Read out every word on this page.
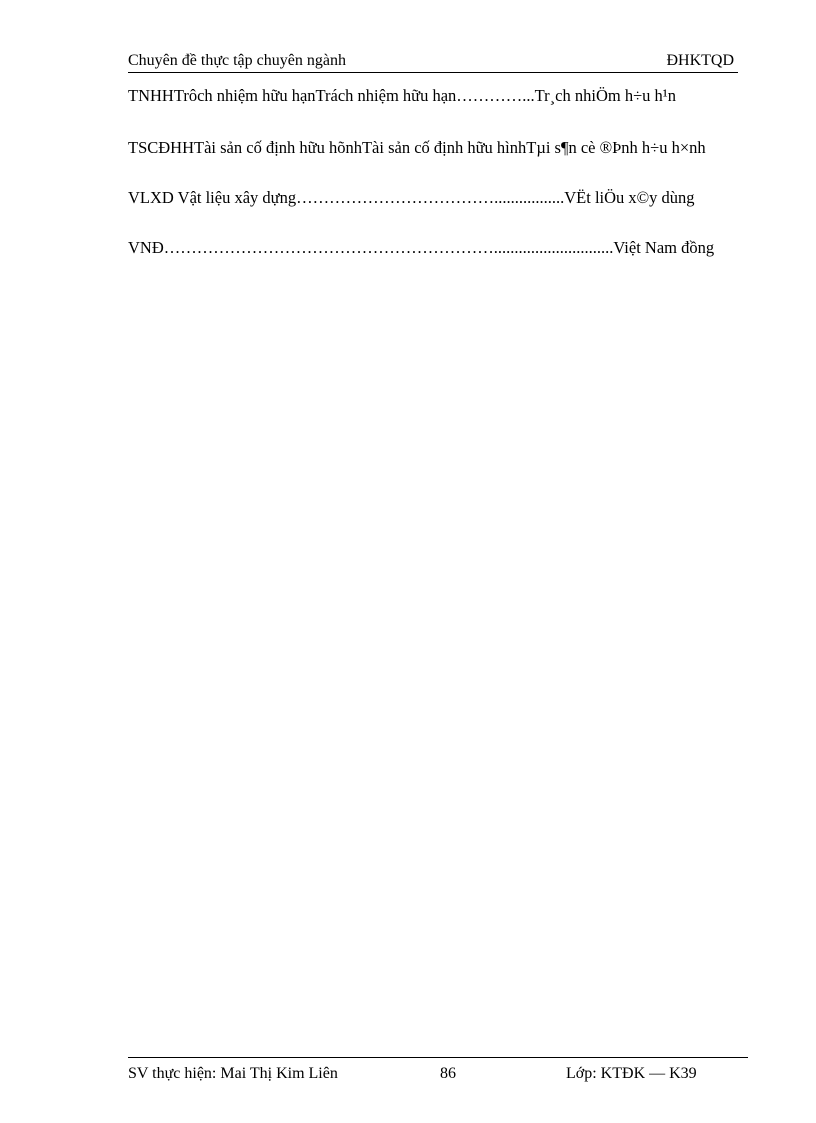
Chuyên đề thực tập chuyên ngành	ĐHKTQD
TNHHTrôch nhiệm hữu hạnTrách nhiệm hữu hạn…………...Tr¸ch nhiÖm h÷u h¹n
TSCĐHHTài sản cố định hữu hõnhTài sản cố định hữu hìnhTµi s¶n cè ®Þnh h÷u h×nh
VLXD Vật liệu xây dựng……………………………….................VËt liÖu x©y dùng
VNĐ…………………………………………………….............................Việt Nam đồng
SV thực hiện: Mai Thị Kim Liên	86	Lớp: KTĐK — K39
